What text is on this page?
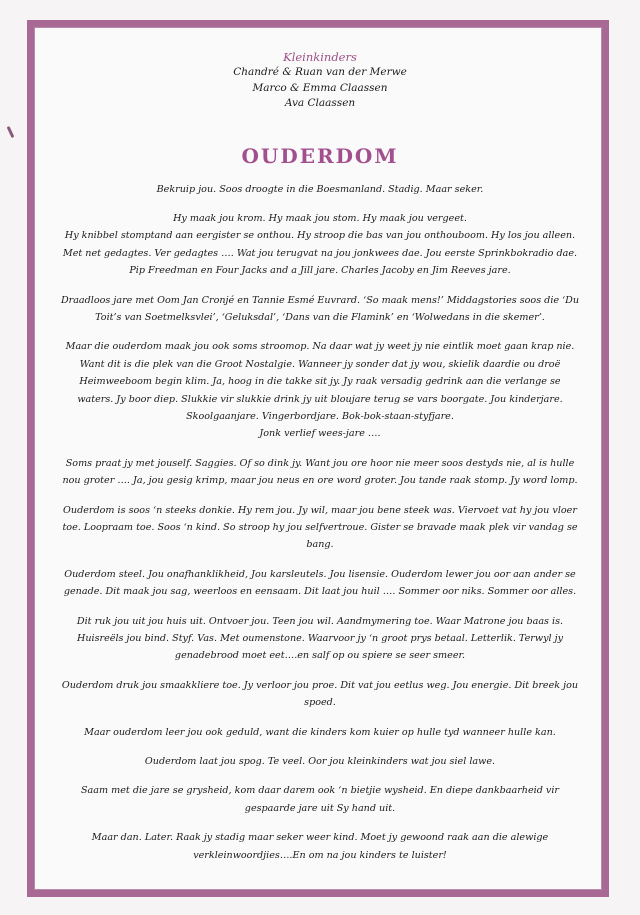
Kleinkinders

Chandré & Ruan van der Merwe

Marco & Emma Claassen

Ava Claassen

OUDERDOM

Bekruip jou. Soos droogte in die Boesmanland. Stadig. Maar seker.

Hy maak jou krom. Hy maak jou stom. Hy maak jou vergeet.
Hy knibbel stomptand aan eergister se onthou. Hy stroop die bas van jou onthouboom. Hy los jou alleen.
Met net gedagtes. Ver gedagtes …. Wat jou terugvat na jou jonkwees dae. Jou eerste Sprinkbokradio dae.
Pip Freedman en Four Jacks and a Jill jare. Charles Jacoby en Jim Reeves jare.

Draadloos jare met Oom Jan Cronjé en Tannie Esmé Euvrard. ‘So maak mens!’ Middagstories soos die ‘Du
Toit’s van Soetmelksvlei’, ‘Geluksdal’, ‘Dans van die Flamink’ en ‘Wolwedans in die skemer’.

Maar die ouderdom maak jou ook soms stroomop. Na daar wat jy weet jy nie eintlik moet gaan krap nie.
Want dit is die plek van die Groot Nostalgie. Wanneer jy sonder dat jy wou, skielik daardie ou droë
Heimweeboom begin klim. Ja, hoog in die takke sit jy. Jy raak versadig gedrink aan die verlange se
waters. Jy boor diep. Slukkie vir slukkie drink jy uit bloujare terug se vars boorgate. Jou kinderjare.
Skoolgaanjare. Vingerbordjare. Bok-bok-staan-styfjare.
Jonk verlief wees-jare ….

Soms praat jy met jouself. Saggies. Of so dink jy. Want jou ore hoor nie meer soos destyds nie, al is hulle
nou groter …. Ja, jou gesig krimp, maar jou neus en ore word groter. Jou tande raak stomp. Jy word lomp.

Ouderdom is soos ‘n steeks donkie. Hy rem jou. Jy wil, maar jou bene steek was. Viervoet vat hy jou vloer
toe. Loopraam toe. Soos ‘n kind. So stroop hy jou selfvertroue. Gister se bravade maak plek vir vandag se
bang.

Ouderdom steel. Jou onafhanklikheid, Jou karsleutels. Jou lisensie. Ouderdom lewer jou oor aan ander se
genade. Dit maak jou sag, weerloos en eensaam. Dit laat jou huil …. Sommer oor niks. Sommer oor alles.

Dit ruk jou uit jou huis uit. Ontvoer jou. Teen jou wil. Aandmymering toe. Waar Matrone jou baas is.
Huisreëls jou bind. Styf. Vas. Met oumenstone. Waarvoor jy ‘n groot prys betaal. Letterlik. Terwyl jy
genadebrood moet eet….en salf op ou spiere se seer smeer.

Ouderdom druk jou smaakkliere toe. Jy verloor jou proe. Dit vat jou eetlus weg. Jou energie. Dit breek jou
spoed.

Maar ouderdom leer jou ook geduld, want die kinders kom kuier op hulle tyd wanneer hulle kan.

Ouderdom laat jou spog. Te veel. Oor jou kleinkinders wat jou siel lawe.

Saam met die jare se grysheid, kom daar darem ook ‘n bietjie wysheid. En diepe dankbaarheid vir
gespaarde jare uit Sy hand uit.

Maar dan. Later. Raak jy stadig maar seker weer kind. Moet jy gewoond raak aan die alewige
verkleinwoordjies….En om na jou kinders te luister!
